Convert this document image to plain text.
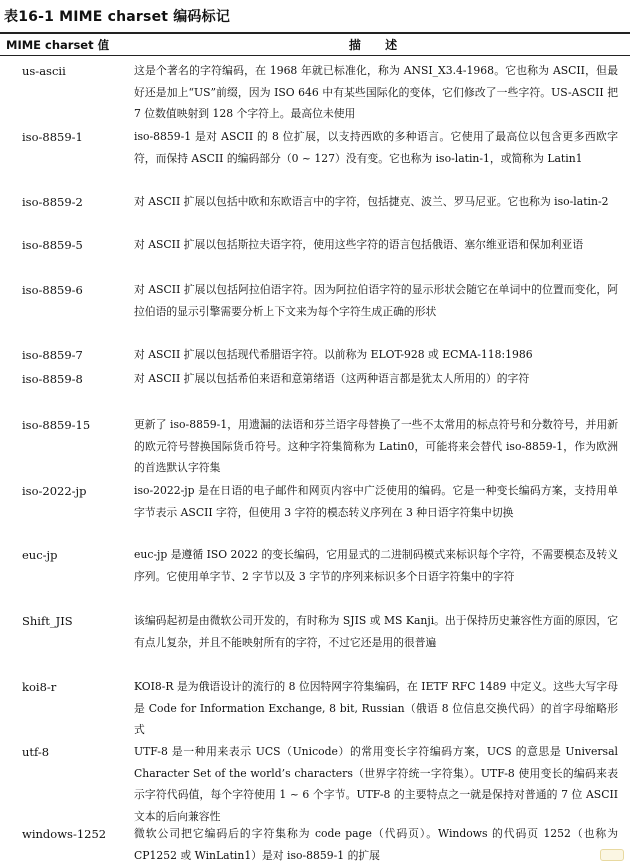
表16-1 MIME charset 编码标记
MIME charset 值	描 述
us-ascii	这是个著名的字符编码，在 1968 年就已标准化，称为 ANSI_X3.4-1968。它也称为 ASCII，但最好还是加上“US”前缀，因为 ISO 646 中有某些国际化的变体，它们修改了一些字符。US-ASCII 把 7 位数值映射到 128 个字符上。最高位未使用
iso-8859-1	iso-8859-1 是对 ASCII 的 8 位扩展，以支持西欧的多种语言。它使用了最高位以包含更多西欧字符，而保持 ASCII 的编码部分（0 ~ 127）没有变。它也称为 iso-latin-1，或简称为 Latin1
iso-8859-2	对 ASCII 扩展以包括中欧和东欧语言中的字符，包括捷克、波兰、罗马尼亚。它也称为 iso-latin-2
iso-8859-5	对 ASCII 扩展以包括斯拉夫语字符，使用这些字符的语言包括俄语、塞尔维亚语和保加利亚语
iso-8859-6	对 ASCII 扩展以包括阿拉伯语字符。因为阿拉伯语字符的显示形状会随它在单词中的位置而变化，阿拉伯语的显示引擎需要分析上下文来为每个字符生成正确的形状
iso-8859-7	对 ASCII 扩展以包括现代希腊语字符。以前称为 ELOT-928 或 ECMA-118:1986
iso-8859-8	对 ASCII 扩展以包括希伯来语和意第绪语（这两种语言都是犹太人所用的）的字符
iso-8859-15	更新了 iso-8859-1，用遗漏的法语和芬兰语字母替换了一些不太常用的标点符号和分数符号，并用新的欧元符号替换国际货币符号。这种字符集简称为 Latin0，可能将来会替代 iso-8859-1，作为欧洲的首选默认字符集
iso-2022-jp	iso-2022-jp 是在日语的电子邮件和网页内容中广泛使用的编码。它是一种变长编码方案，支持用单字节表示 ASCII 字符，但使用 3 字符的模态转义序列在 3 种日语字符集中切换
euc-jp	euc-jp 是遵循 ISO 2022 的变长编码，它用显式的二进制码模式来标识每个字符，不需要模态及转义序列。它使用单字节、2 字节以及 3 字节的序列来标识多个日语字符集中的字符
Shift_JIS	该编码起初是由微软公司开发的，有时称为 SJIS 或 MS Kanji。出于保持历史兼容性方面的原因，它有点儿复杂，并且不能映射所有的字符，不过它还是用的很普遍
koi8-r	KOI8-R 是为俄语设计的流行的 8 位因特网字符集编码，在 IETF RFC 1489 中定义。这些大写字母是 Code for Information Exchange, 8 bit, Russian（俄语 8 位信息交换代码）的首字母缩略形式
utf-8	UTF-8 是一种用来表示 UCS（Unicode）的常用变长字符编码方案，UCS 的意思是 Universal Character Set of the world’s characters（世界字符统一字符集）。UTF-8 使用变长的编码来表示字符代码值，每个字符使用 1 ~ 6 个字节。UTF-8 的主要特点之一就是保持对普通的 7 位 ASCII 文本的后向兼容性
windows-1252	微软公司把它编码后的字符集称为 code page（代码页）。Windows 的代码页 1252（也称为 CP1252 或 WinLatin1）是对 iso-8859-1 的扩展
